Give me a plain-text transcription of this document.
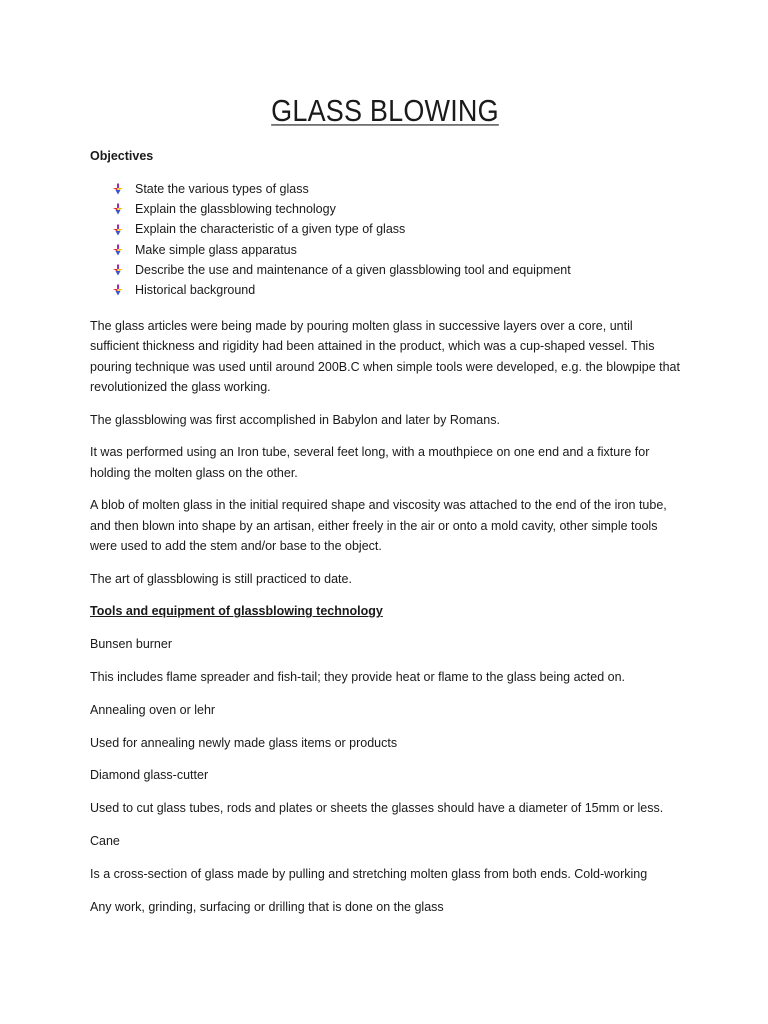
GLASS BLOWING
Objectives
State the various types of glass
Explain the glassblowing technology
Explain the characteristic of a given type of glass
Make simple glass apparatus
Describe the use and maintenance of a given glassblowing tool and equipment
Historical background

The glass articles were being made by pouring molten glass in successive layers over a core, until sufficient thickness and rigidity had been attained in the product, which was a cup-shaped vessel. This pouring technique was used until around 200B.C when simple tools were developed, e.g. the blowpipe that revolutionized the glass working.

The glassblowing was first accomplished in Babylon and later by Romans.

It was performed using an Iron tube, several feet long, with a mouthpiece on one end and a fixture for holding the molten glass on the other.

A blob of molten glass in the initial required shape and viscosity was attached to the end of the iron tube, and then blown into shape by an artisan, either freely in the air or onto a mold cavity, other simple tools were used to add the stem and/or base to the object.

The art of glassblowing is still practiced to date.

Tools and equipment of glassblowing technology

Bunsen burner

This includes flame spreader and fish-tail; they provide heat or flame to the glass being acted on.

Annealing oven or lehr

Used for annealing newly made glass items or products

Diamond glass-cutter

Used to cut glass tubes, rods and plates or sheets the glasses should have a diameter of 15mm or less.

Cane

Is a cross-section of glass made by pulling and stretching molten glass from both ends. Cold-working

Any work, grinding, surfacing or drilling that is done on the glass
